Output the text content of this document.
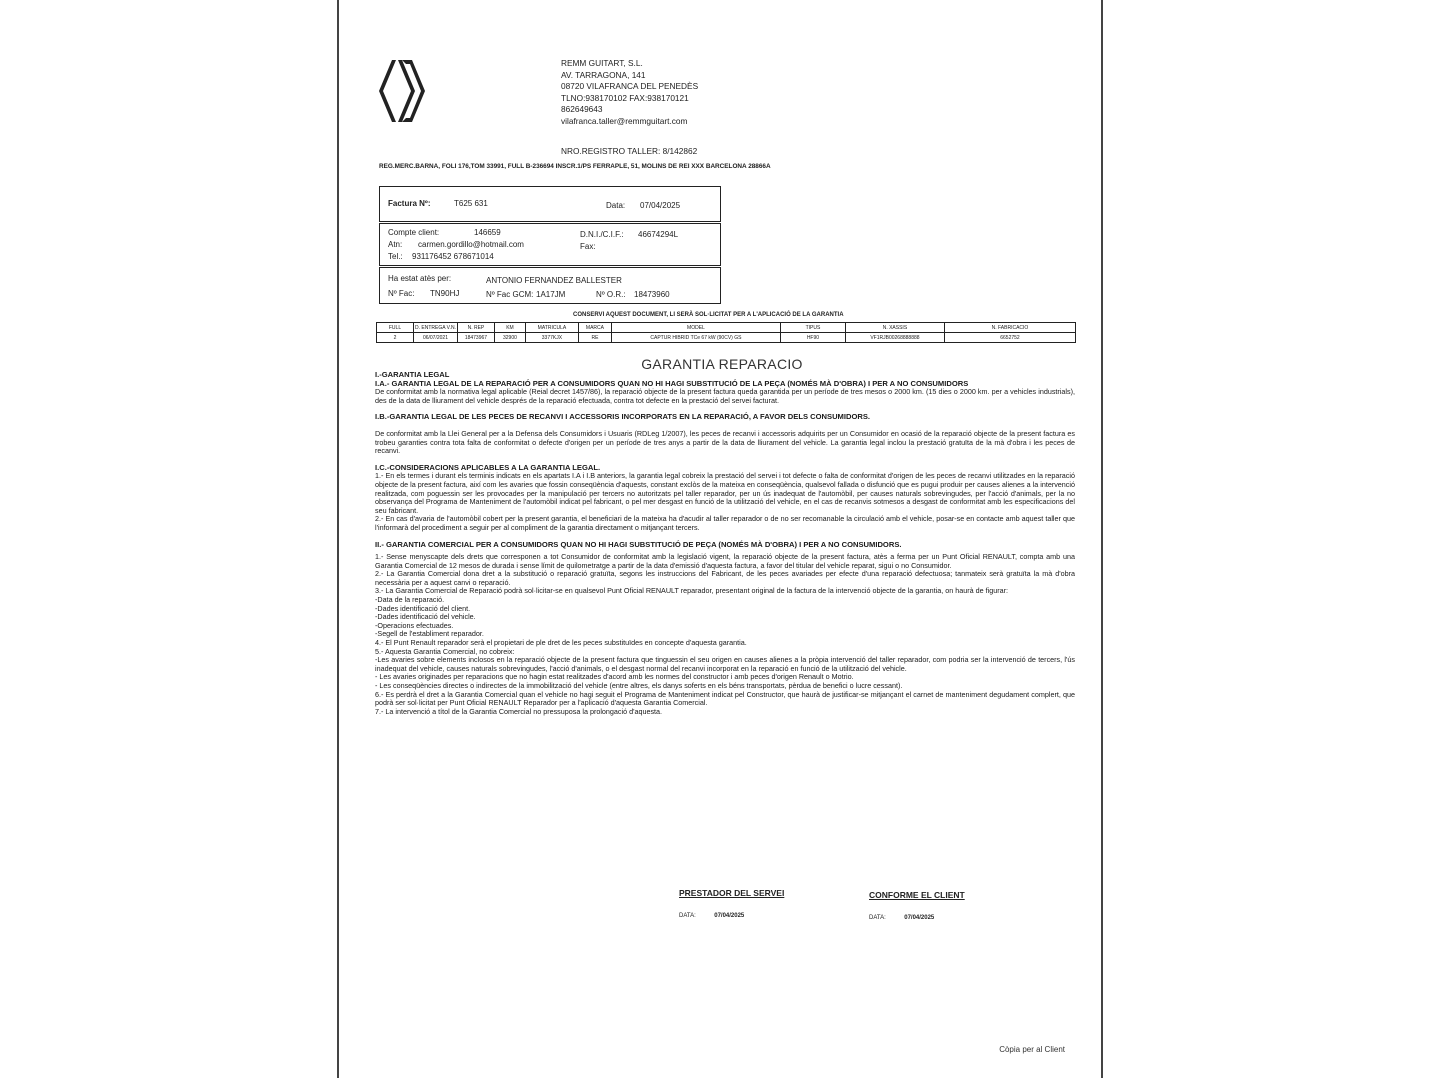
REMM GUITART, S.L.
AV. TARRAGONA, 141
08720 VILAFRANCA DEL PENEDÈS
TLNO:938170102 FAX:938170121
862649643
vilafranca.taller@remmguitart.com
NRO.REGISTRO TALLER: 8/142862
REG.MERC.BARNA, FOLI 176,TOM 33991, FULL B-236694 INSCR.1/PS FERRAPLE, 51, MOLINS DE REI XXX BARCELONA 28866A
Factura Nº:	T625 631	Data: 07/04/2025
Compte client:	146659	D.N.I./C.I.F.: 46674294L
Atn: carmen.gordillo@hotmail.com	Fax:
Tel.: 931176452 678671014
Ha estat atès per:	ANTONIO FERNANDEZ BALLESTER
Nº Fac: TN90HJ	Nº Fac GCM: 1A17JM	Nº O.R.: 18473960
CONSERVI AQUEST DOCUMENT, LI SERÀ SOL·LICITAT PER A L'APLICACIÓ DE LA GARANTIA
FULL	D. ENTREGA V.N.	N. REP	KM	MATRICULA	MARCA	MODEL	TIPUS	N. XASSIS	N. FABRICACIO
2	06/07/2021	18473967	32900	3377KJX	RE	CAPTUR HIBRID TCe 67 kW (90CV) GS	HF90	VF1RJB00268888888	6652752
GARANTIA REPARACIO
I.-GARANTIA LEGAL
I.A.- GARANTIA LEGAL DE LA REPARACIÓ PER A CONSUMIDORS QUAN NO HI HAGI SUBSTITUCIÓ DE LA PEÇA (NOMÉS MÀ D'OBRA) I PER A NO CONSUMIDORS

De conformitat amb la normativa legal aplicable (Reial decret 1457/86), la reparació objecte de la present factura queda garantida per un període de tres mesos o 2000 km. (15 dies o 2000 km. per a vehicles industrials), des de la data de lliurament del vehicle després de la reparació efectuada, contra tot defecte en la prestació del servei facturat.

I.B.-GARANTIA LEGAL DE LES PECES DE RECANVI I ACCESSORIS INCORPORATS EN LA REPARACIÓ, A FAVOR DELS CONSUMIDORS.

De conformitat amb la Llei General per a la Defensa dels Consumidors i Usuaris (RDLeg 1/2007), les peces de recanvi i accessoris adquirits per un Consumidor en ocasió de la reparació objecte de la present factura es trobeu garanties contra tota falta de conformitat o defecte d'origen per un període de tres anys a partir de la data de lliurament del vehicle. La garantia legal inclou la prestació gratuïta de la mà d'obra i les peces de recanvi.

I.C.-CONSIDERACIONS APLICABLES A LA GARANTIA LEGAL.

1.- En els termes i durant els terminis indicats en els apartats I.A i I.B anteriors, la garantia legal cobreix la prestació del servei i tot defecte o falta de conformitat d'origen de les peces de recanvi utilitzades en la reparació objecte de la present factura, així com les avaries que fossin conseqüència d'aquests, constant exclòs de la mateixa en conseqüència, qualsevol fallada o disfunció que es pugui produir per causes alienes a la intervenció realitzada, com poguessin ser les provocades per la manipulació per tercers no autoritzats pel taller reparador, per un ús inadequat de l'automòbil, per causes naturals sobrevingudes, per l'acció d'animals, per la no observança del Programa de Manteniment de l'automòbil indicat pel fabricant, o pel mer desgast en funció de la utilització del vehicle, en el cas de recanvis sotmesos a desgast de conformitat amb les especificacions del seu fabricant.

2.- En cas d'avaria de l'automòbil cobert per la present garantia, el beneficiari de la mateixa ha d'acudir al taller reparador o de no ser recomanable la circulació amb el vehicle, posar-se en contacte amb aquest taller que l'informarà del procediment a seguir per al compliment de la garantia directament o mitjançant tercers.

II.- GARANTIA COMERCIAL PER A CONSUMIDORS QUAN NO HI HAGI SUBSTITUCIÓ DE PEÇA (NOMÉS MÀ D'OBRA) I PER A NO CONSUMIDORS.

1.- Sense menyscapte dels drets que corresponen a tot Consumidor de conformitat amb la legislació vigent, la reparació objecte de la present factura, atès a ferma per un Punt Oficial RENAULT, compta amb una Garantia Comercial de 12 mesos de durada i sense límit de quilometratge a partir de la data d'emissió d'aquesta factura, a favor del titular del vehicle reparat, sigui o no Consumidor.

2.- La Garantia Comercial dona dret a la substitució o reparació gratuïta, segons les instruccions del Fabricant, de les peces avariades per efecte d'una reparació defectuosa; tanmateix serà gratuïta la mà d'obra necessària per a aquest canvi o reparació.

3.- La Garantia Comercial de Reparació podrà sol·licitar-se en qualsevol Punt Oficial RENAULT reparador, presentant original de la factura de la intervenció objecte de la garantia, on haurà de figurar:

-Data de la reparació.

-Dades identificació del client.

-Dades identificació del vehicle.

-Operacions efectuades.

-Segell de l'establiment reparador.

4.- El Punt Renault reparador serà el propietari de ple dret de les peces substituïdes en concepte d'aquesta garantia.

5.- Aquesta Garantia Comercial, no cobreix:

-Les avaries sobre elements inclosos en la reparació objecte de la present factura que tinguessin el seu origen en causes alienes a la pròpia intervenció del taller reparador, com podria ser la intervenció de tercers, l'ús inadequat del vehicle, causes naturals sobrevingudes, l'acció d'animals, o el desgast normal del recanvi incorporat en la reparació en funció de la utilització del vehicle.

- Les avaries originades per reparacions que no hagin estat realitzades d'acord amb les normes del constructor i amb peces d'origen Renault o Motrio.

- Les conseqüències directes o indirectes de la immobilització del vehicle (entre altres, els danys soferts en els béns transportats, pèrdua de benefici o lucre cessant).

6.- Es perdrà el dret a la Garantia Comercial quan el vehicle no hagi seguit el Programa de Manteniment indicat pel Constructor, que haurà de justificar-se mitjançant el carnet de manteniment degudament complert, que podrà ser sol·licitat per Punt Oficial RENAULT Reparador per a l'aplicació d'aquesta Garantia Comercial.

7.- La intervenció a títol de la Garantia Comercial no pressuposa la prolongació d'aquesta.

PRESTADOR DEL SERVEI
DATA:	07/04/2025
CONFORME EL CLIENT
DATA:	07/04/2025
Còpia per al Client
